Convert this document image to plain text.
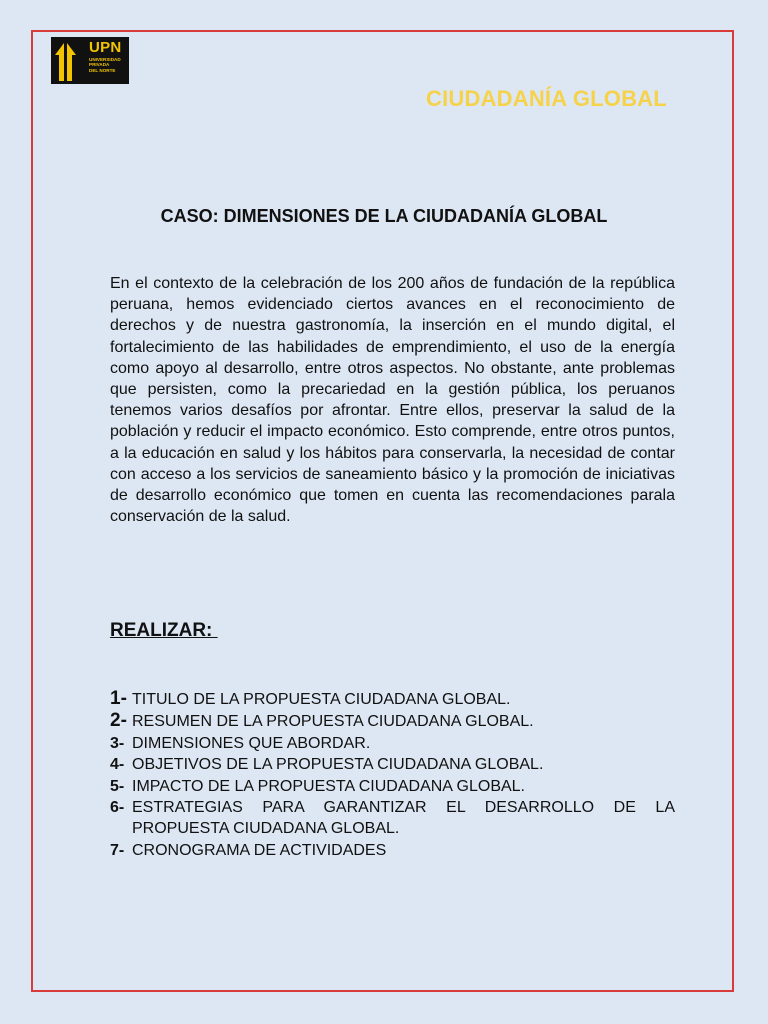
UPN
UNIVERSIDAD
PRIVADA
DEL NORTE
CIUDADANÍA GLOBAL
CASO: DIMENSIONES DE LA CIUDADANÍA GLOBAL

En el contexto de la celebración de los 200 años de fundación de la república peruana, hemos evidenciado ciertos avances en el reconocimiento de derechos y de nuestra gastronomía, la inserción en el mundo digital, el fortalecimiento de las habilidades de emprendimiento, el uso de la energía como apoyo al desarrollo, entre otros aspectos. No obstante, ante problemas que persisten, como la precariedad en la gestión pública, los peruanos tenemos varios desafíos por afrontar. Entre ellos, preservar la salud de la población y reducir el impacto económico. Esto comprende, entre otros puntos, a la educación en salud y los hábitos para conservarla, la necesidad de contar con acceso a los servicios de saneamiento básico y la promoción de iniciativas de desarrollo económico que tomen en cuenta las recomendaciones parala conservación de la salud.

REALIZAR:
1- TITULO DE LA PROPUESTA CIUDADANA GLOBAL.
2- RESUMEN DE LA PROPUESTA CIUDADANA GLOBAL.
3- DIMENSIONES QUE ABORDAR.
4- OBJETIVOS DE LA PROPUESTA CIUDADANA GLOBAL.
5- IMPACTO DE LA PROPUESTA CIUDADANA GLOBAL.
6- ESTRATEGIAS PARA GARANTIZAR EL DESARROLLO DE LA PROPUESTA CIUDADANA GLOBAL.
7- CRONOGRAMA DE ACTIVIDADES
